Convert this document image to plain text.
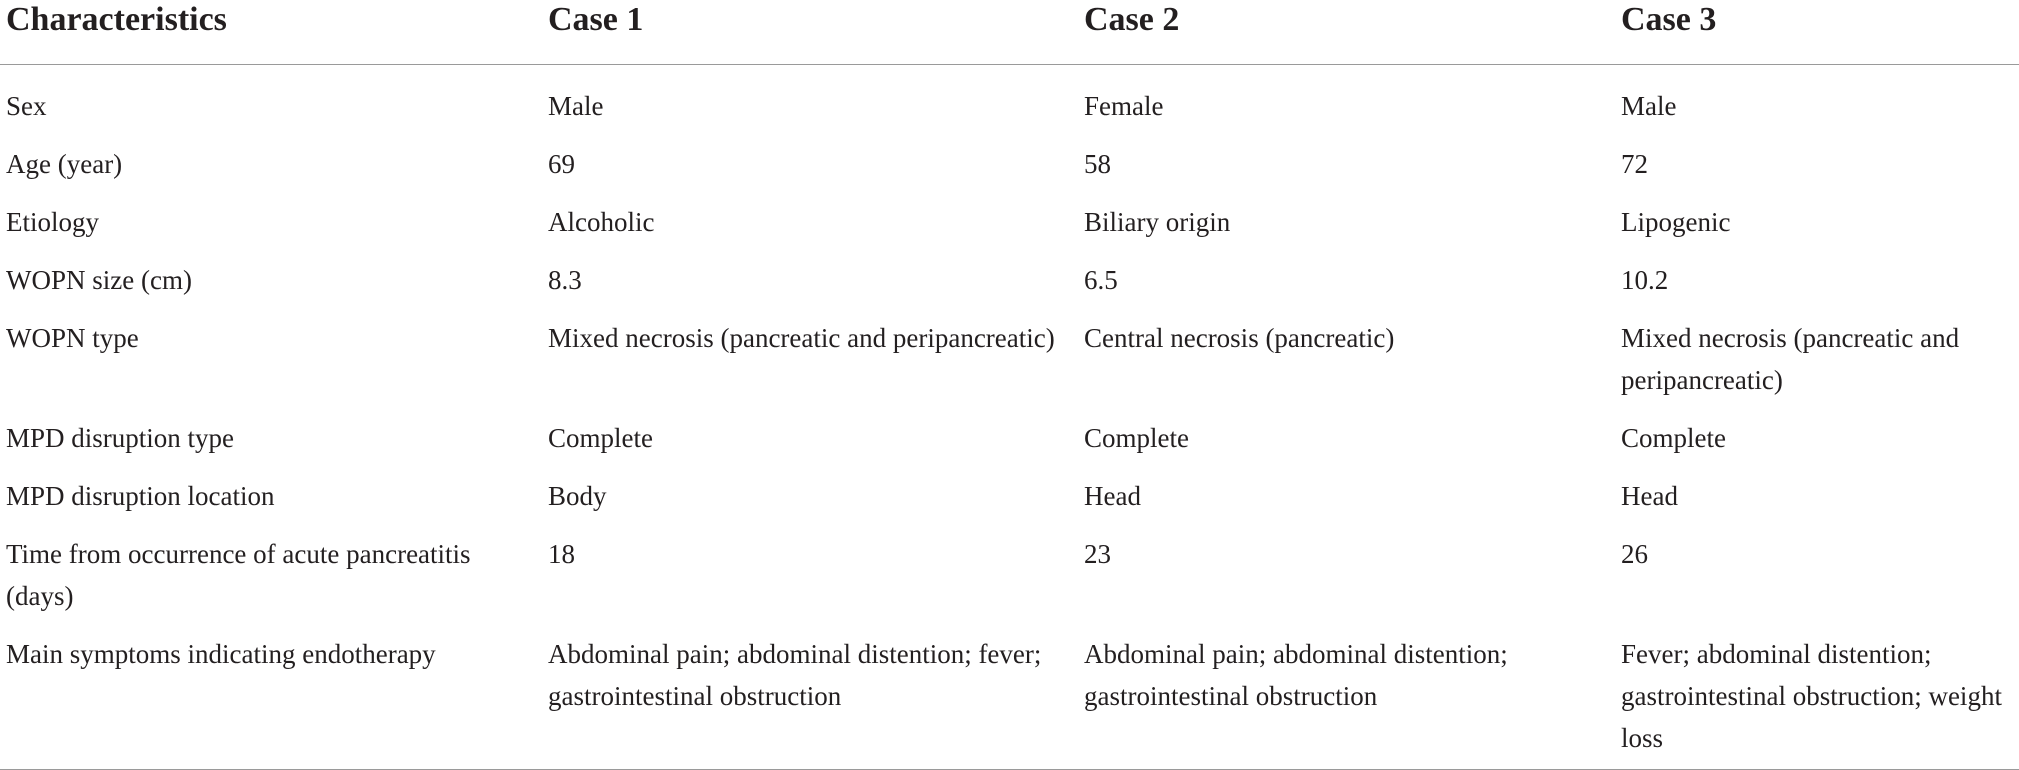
Characteristics	Case 1	Case 2	Case 3
Sex	Male	Female	Male
Age (year)	69	58	72
Etiology	Alcoholic	Biliary origin	Lipogenic
WOPN size (cm)	8.3	6.5	10.2
WOPN type	Mixed necrosis (pancreatic and peripancreatic)	Central necrosis (pancreatic)	Mixed necrosis (pancreatic and peripancreatic)
MPD disruption type	Complete	Complete	Complete
MPD disruption location	Body	Head	Head
Time from occurrence of acute pancreatitis (days)	18	23	26
Main symptoms indicating endotherapy	Abdominal pain; abdominal distention; fever; gastrointestinal obstruction	Abdominal pain; abdominal distention; gastrointestinal obstruction	Fever; abdominal distention; gastrointestinal obstruction; weight loss
